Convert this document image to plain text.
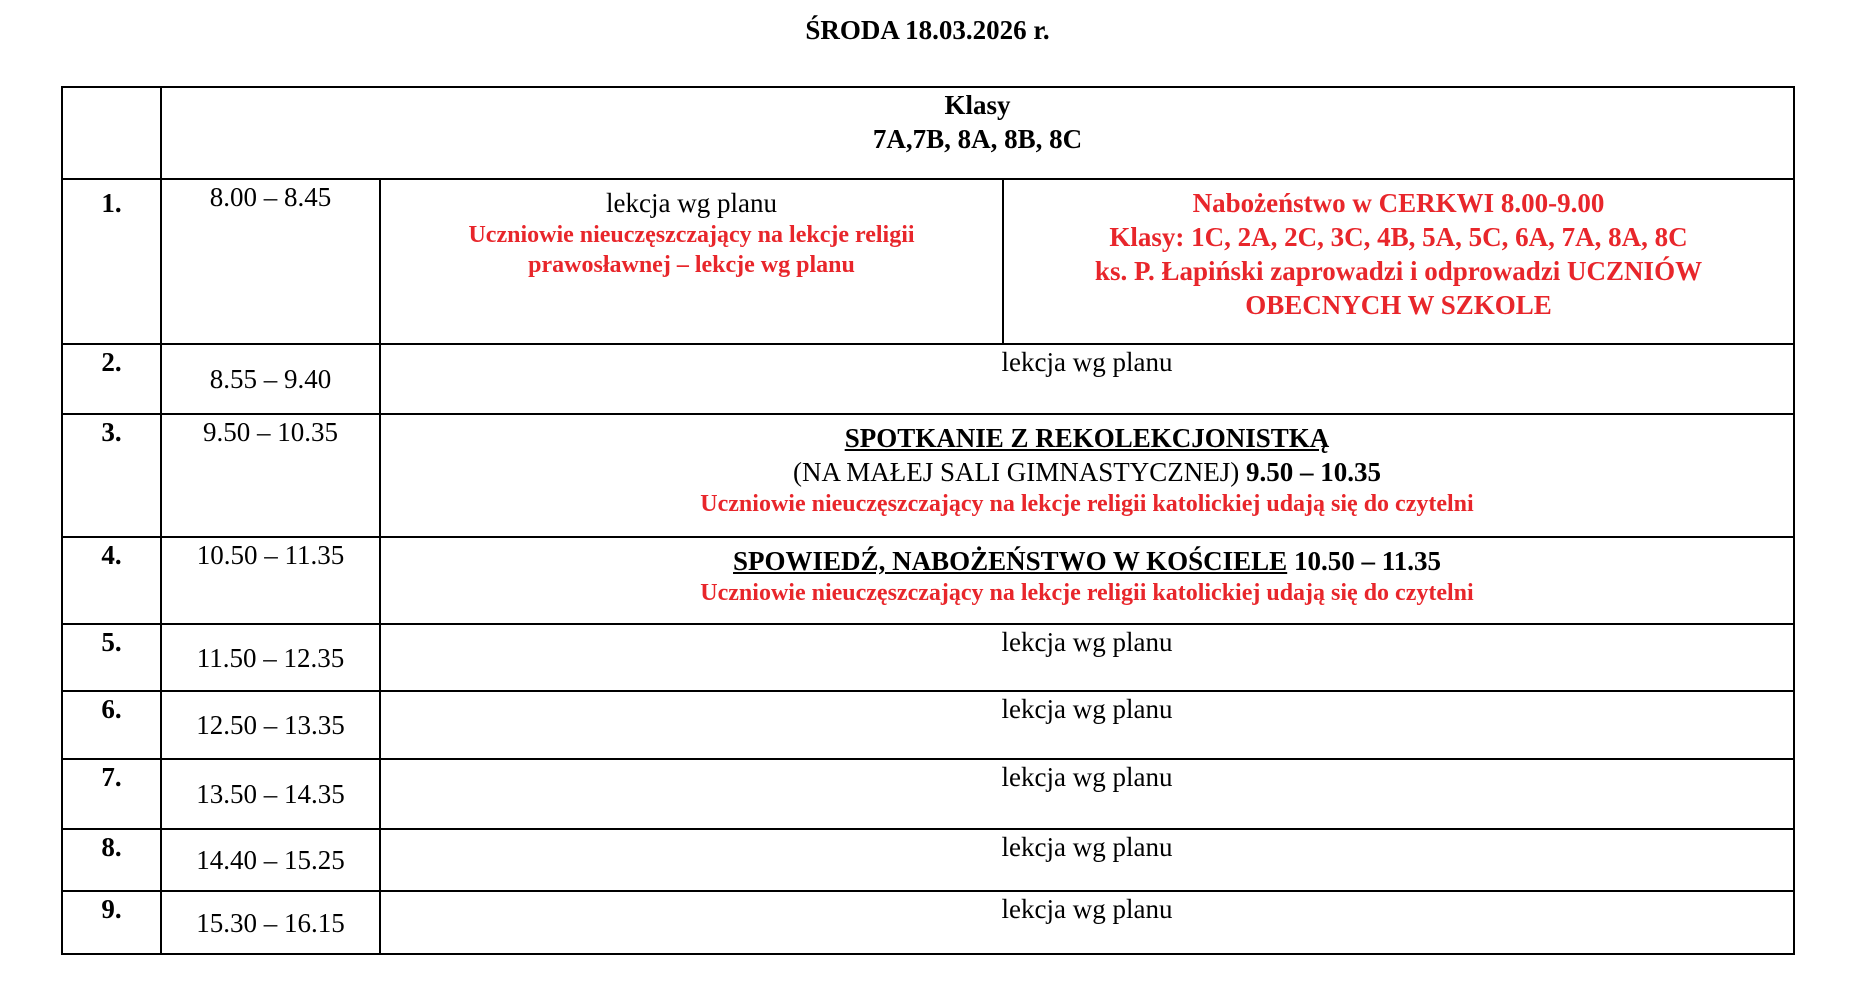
ŚRODA 18.03.2026 r.

	Klasy
7A,7B, 8A, 8B, 8C		

1.	8.00 – 8.45	lekcja wg planu
Uczniowie nieuczęszczający na lekcje religii
prawosławnej – lekcje wg planu	Nabożeństwo w CERKWI 8.00-9.00
Klasy: 1C, 2A, 2C, 3C, 4B, 5A, 5C, 6A, 7A, 8A, 8C
ks. P. Łapiński zaprowadzi i odprowadzi UCZNIÓW
OBECNYCH W SZKOLE

2.	8.55 – 9.40	lekcja wg planu	
3.	9.50 – 10.35	SPOTKANIE Z REKOLEKCJONISTKĄ
(NA MAŁEJ SALI GIMNASTYCZNEJ) 9.50 – 10.35
Uczniowie nieuczęszczający na lekcje religii katolickiej udają się do czytelni	

4.	10.50 – 11.35	SPOWIEDŹ, NABOŻEŃSTWO W KOŚCIELE 10.50 – 11.35
Uczniowie nieuczęszczający na lekcje religii katolickiej udają się do czytelni	

5.	11.50 – 12.35	lekcja wg planu	
6.	12.50 – 13.35	lekcja wg planu	
7.	13.50 – 14.35	lekcja wg planu	
8.	14.40 – 15.25	lekcja wg planu	
9.	15.30 – 16.15	lekcja wg planu	
